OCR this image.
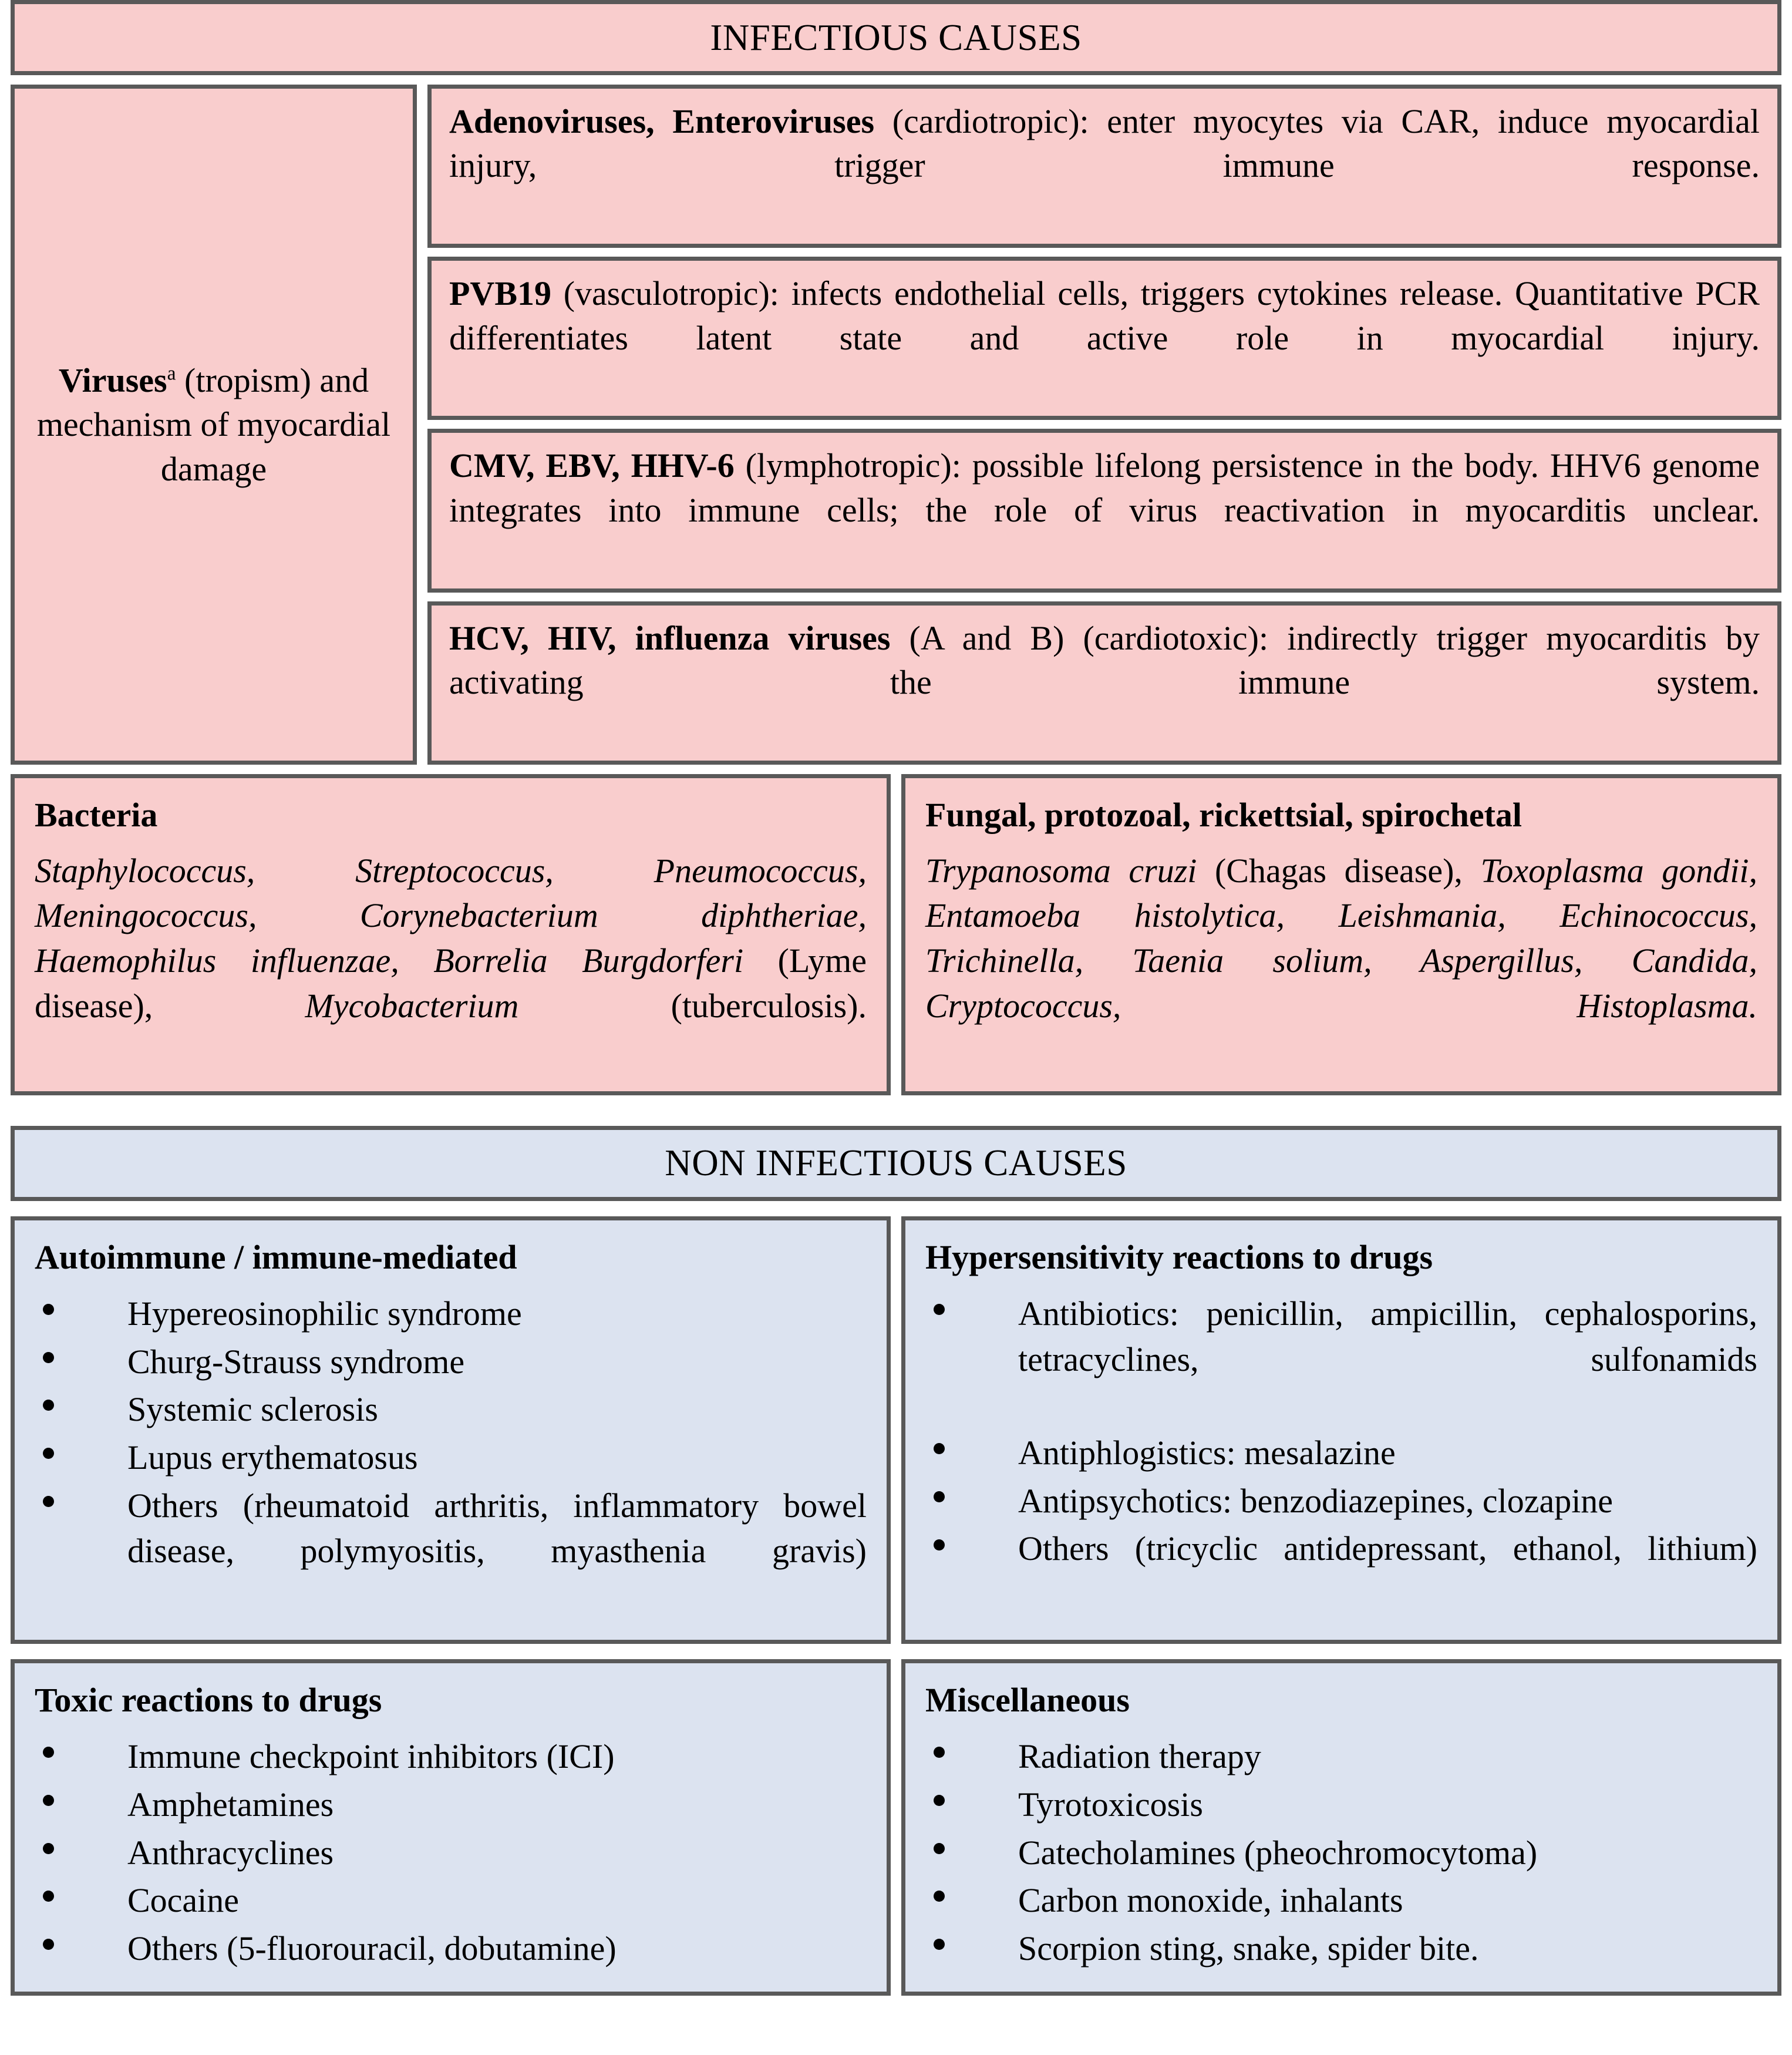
INFECTIOUS CAUSES
Viruses$^a$ (tropism) and mechanism of myocardial damage

Adenoviruses, Enteroviruses (cardiotropic): enter myocytes via CAR, induce myocardial injury, trigger immune response.

PVB19 (vasculotropic): infects endothelial cells, triggers cytokines release. Quantitative PCR differentiates latent state and active role in myocardial injury.

CMV, EBV, HHV-6 (lymphotropic): possible lifelong persistence in the body. HHV6 genome integrates into immune cells; the role of virus reactivation in myocarditis unclear.

HCV, HIV, influenza viruses (A and B) (cardiotoxic): indirectly trigger myocarditis by activating the immune system.

Bacteria

Staphylococcus, Streptococcus, Pneumococcus, Meningococcus, Corynebacterium diphtheriae, Haemophilus influenzae, Borrelia Burgdorferi (Lyme disease), Mycobacterium (tuberculosis).

Fungal, protozoal, rickettsial, spirochetal

Trypanosoma cruzi (Chagas disease), Toxoplasma gondii, Entamoeba histolytica, Leishmania, Echinococcus, Trichinella, Taenia solium, Aspergillus, Candida, Cryptococcus, Histoplasma.

NON INFECTIOUS CAUSES
Autoimmune / immune-mediated
Hypereosinophilic syndrome
Churg-Strauss syndrome
Systemic sclerosis
Lupus erythematosus
Others (rheumatoid arthritis, inflammatory bowel disease, polymyositis, myasthenia gravis)
Hypersensitivity reactions to drugs
Antibiotics: penicillin, ampicillin, cephalosporins, tetracyclines, sulfonamids
Antiphlogistics: mesalazine
Antipsychotics: benzodiazepines, clozapine
Others (tricyclic antidepressant, ethanol, lithium)
Toxic reactions to drugs
Immune checkpoint inhibitors (ICI)
Amphetamines
Anthracyclines
Cocaine
Others (5-fluorouracil, dobutamine)
Miscellaneous
Radiation therapy
Tyrotoxicosis
Catecholamines (pheochromocytoma)
Carbon monoxide, inhalants
Scorpion sting, snake, spider bite.
